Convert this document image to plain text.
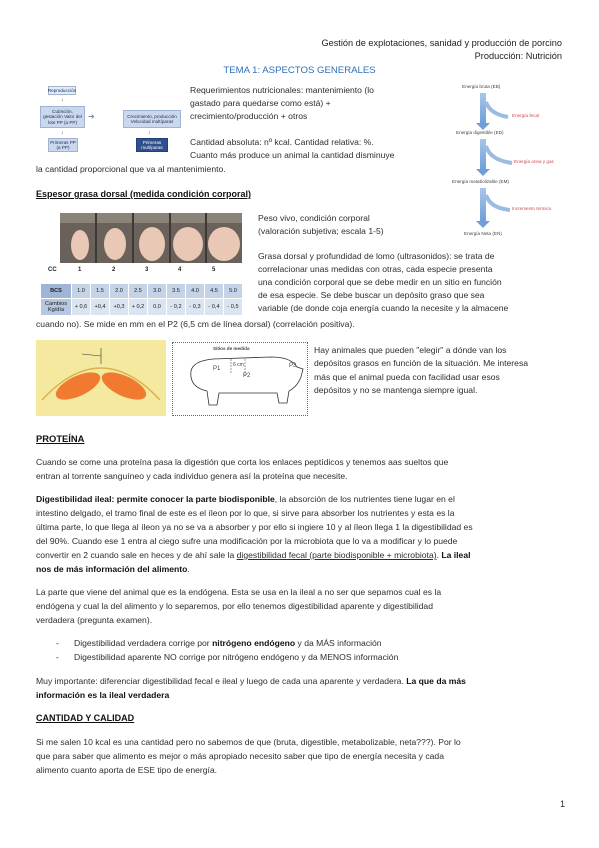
Gestión de explotaciones, sanidad y producción de porcino
Producción: Nutrición
TEMA 1: ASPECTOS GENERALES
Reproducción
↓
Cubrición, gestación Valor del lote PP (a PP)
➜	Crecimiento, producción Velocidad multíparas
↓
Primeras PP (a PP)
↓
Primeras multíparas
Requerimientos nutricionales: mantenimiento (lo
gastado para quedarse como está) +
crecimiento/producción + otros
Cantidad absoluta: nº kcal. Cantidad relativa: %.
Cuanto más produce un animal la cantidad disminuye
la cantidad proporcional que va al mantenimiento.
Energía bruta (EB)
Energía fecal
Energía digestible (ED)
Energía orina y gas
Energía metabolizable (EM)
Incremento térmico
Energía Neta (EN)
Espesor grasa dorsal (medida condición corporal)
CC	1	2	3	4	5
BCS	1.0	1.5	2.0	2.5	3.0	3.5	4.0	4.5	5.0
Cambios Kg/día	+ 0,6	+0,4	+0,3	+ 0,2	0,0	- 0,2	- 0,3	- 0,4	- 0,5
Peso vivo, condición corporal
(valoración subjetiva; escala 1-5)
Grasa dorsal y profundidad de lomo (ultrasonidos): se trata de
correlacionar unas medidas con otras, cada especie presenta
una condición corporal que se debe medir en un sitio en función
de esa especie. Se debe buscar un depósito graso que sea
variable (de donde coja energía cuando la necesite y la almacene
cuando no). Se mide en mm en el P2 (6,5 cm de línea dorsal) (correlación positiva).
Sitios de medida
P1
P2
P3
6 cm
Hay animales que pueden "elegir" a dónde van los
depósitos grasos en función de la situación. Me interesa
más que el animal pueda con facilidad usar esos
depósitos y no se mantenga siempre igual.
PROTEÍNA
Cuando se come una proteína pasa la digestión que corta los enlaces peptídicos y tenemos aas sueltos que
entran al torrente sanguíneo y cada individuo genera así la proteína que necesite.
Digestibilidad ileal: permite conocer la parte biodisponible, la absorción de los nutrientes tiene lugar en el
intestino delgado, el tramo final de este es el íleon por lo que, si sirve para absorber los nutrientes y esta es la
última parte, lo que llega al íleon ya no se va a absorber y por ello si ingiere 10 y al íleon llega 1 la digestibilidad es
del 90%. Cuando ese 1 entra al ciego sufre una modificación por la microbiota que lo va a modificar y lo puede
convertir en 2 cuando sale en heces y de ahí sale la digestibilidad fecal (parte biodisponible + microbiota). La ileal
nos de más información del alimento.
La parte que viene del animal que es la endógena. Esta se usa en la ileal a no ser que sepamos cual es la
endógena y cual la del alimento y lo separemos, por ello tenemos digestibilidad aparente y digestibilidad
verdadera (pregunta examen).
- Digestibilidad verdadera corrige por nitrógeno endógeno y da MÁS información
- Digestibilidad aparente NO corrige por nitrógeno endógeno y da MENOS información
Muy importante: diferenciar digestibilidad fecal e ileal y luego de cada una aparente y verdadera. La que da más
información es la ileal verdadera
CANTIDAD Y CALIDAD
Si me salen 10 kcal es una cantidad pero no sabemos de que (bruta, digestible, metabolizable, neta???). Por lo
que para saber que alimento es mejor o más apropiado necesito saber que tipo de energía necesita y cada
alimento cuanto aporta de ESE tipo de energía.
1
